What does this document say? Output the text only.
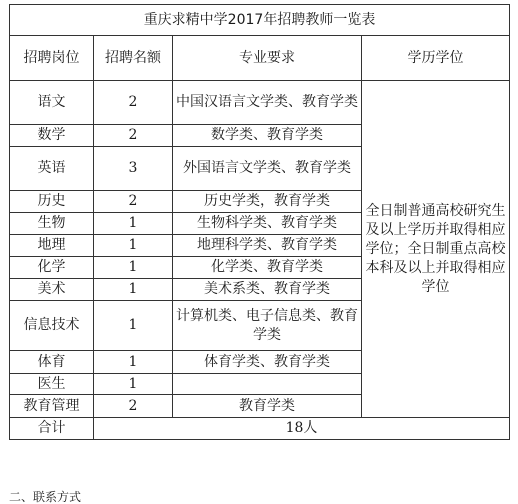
重庆求精中学2017年招聘教师一览表			
招聘岗位	招聘名额	专业要求	学历学位
语文	2	中国汉语言文学类、教育学类	全日制普通高校研究生及以上学历并取得相应学位；全日制重点高校本科及以上并取得相应学位
数学	2	数学类、教育学类	
英语	3	外国语言文学类、教育学类	
历史	2	历史学类，教育学类	
生物	1	生物科学类、教育学类	
地理	1	地理科学类、教育学类	
化学	1	化学类、教育学类	
美术	1	美术系类、教育学类	
信息技术	1	计算机类、电子信息类、教育学类	
体育	1	体育学类、教育学类	
医生	1		
教育管理	2	教育学类	
合计	18人		
二、联系方式
